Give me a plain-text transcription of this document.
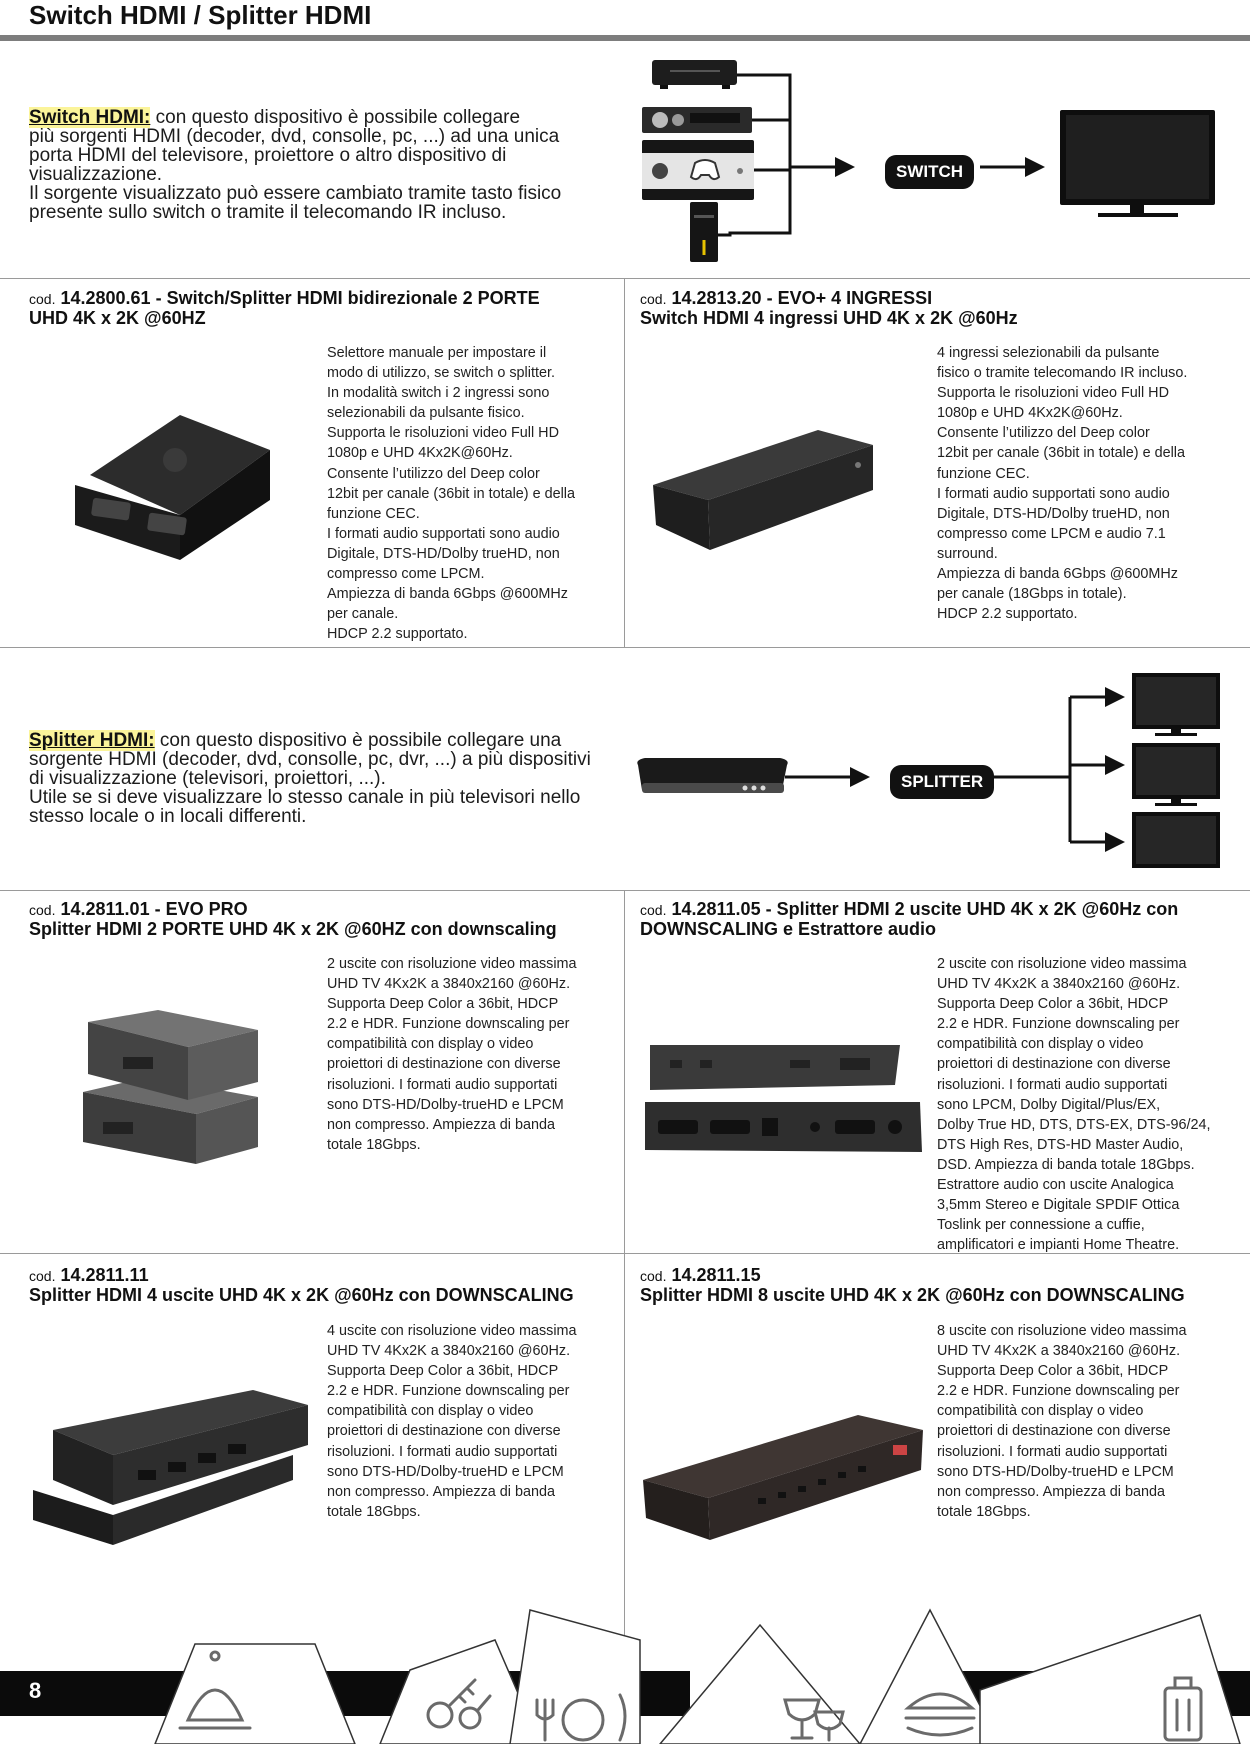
Switch HDMI / Splitter HDMI

Switch HDMI: con questo dispositivo è possibile collegare

più sorgenti HDMI (decoder, dvd, consolle, pc, ...) ad una unica

porta HDMI del televisore, proiettore o altro dispositivo di

visualizzazione.

Il sorgente visualizzato può essere cambiato tramite tasto fisico

presente sullo switch o tramite il telecomando IR incluso.

SWITCH
cod. 14.2800.61 - Switch/Splitter HDMI bidirezionale 2 PORTE
UHD 4K x 2K @60HZ
Selettore manuale per impostare il
modo di utilizzo, se switch o splitter.
In modalità switch i 2 ingressi sono
selezionabili da pulsante fisico.
Supporta le risoluzioni video Full HD
1080p e UHD 4Kx2K@60Hz.
Consente l’utilizzo del Deep color
12bit per canale (36bit in totale) e della
funzione CEC.
I formati audio supportati sono audio
Digitale, DTS-HD/Dolby trueHD, non
compresso come LPCM.
Ampiezza di banda 6Gbps @600MHz
per canale.
HDCP 2.2 supportato.
cod. 14.2813.20 - EVO+ 4 INGRESSI
Switch HDMI 4 ingressi UHD 4K x 2K @60Hz
4 ingressi selezionabili da pulsante
fisico o tramite telecomando IR incluso.
Supporta le risoluzioni video Full HD
1080p e UHD 4Kx2K@60Hz.
Consente l’utilizzo del Deep color
12bit per canale (36bit in totale) e della
funzione CEC.
I formati audio supportati sono audio
Digitale, DTS-HD/Dolby trueHD, non
compresso come LPCM e audio 7.1
surround.
Ampiezza di banda 6Gbps @600MHz
per canale (18Gbps in totale).
HDCP 2.2 supportato.

Splitter HDMI: con questo dispositivo è possibile collegare una

sorgente HDMI (decoder, dvd, consolle, pc, dvr, ...) a più dispositivi

di visualizzazione (televisori, proiettori, ...).

Utile se si deve visualizzare lo stesso canale in più televisori nello

stesso locale o in locali differenti.

SPLITTER
cod. 14.2811.01 - EVO PRO
Splitter HDMI 2 PORTE UHD 4K x 2K @60HZ con downscaling
2 uscite con risoluzione video massima
UHD TV 4Kx2K a 3840x2160 @60Hz.
Supporta Deep Color a 36bit, HDCP
2.2 e HDR. Funzione downscaling per
compatibilità con display o video
proiettori di destinazione con diverse
risoluzioni. I formati audio supportati
sono DTS-HD/Dolby-trueHD e LPCM
non compresso. Ampiezza di banda
totale 18Gbps.
cod. 14.2811.05 - Splitter HDMI 2 uscite UHD 4K x 2K @60Hz con
DOWNSCALING e Estrattore audio
2 uscite con risoluzione video massima
UHD TV 4Kx2K a 3840x2160 @60Hz.
Supporta Deep Color a 36bit, HDCP
2.2 e HDR. Funzione downscaling per
compatibilità con display o video
proiettori di destinazione con diverse
risoluzioni. I formati audio supportati
sono LPCM, Dolby Digital/Plus/EX,
Dolby True HD, DTS, DTS-EX, DTS-96/24,
DTS High Res, DTS-HD Master Audio,
DSD. Ampiezza di banda totale 18Gbps.
Estrattore audio con uscite Analogica
3,5mm Stereo e Digitale SPDIF Ottica
Toslink per connessione a cuffie,
amplificatori e impianti Home Theatre.
cod. 14.2811.11
Splitter HDMI 4 uscite UHD 4K x 2K @60Hz con DOWNSCALING
4 uscite con risoluzione video massima
UHD TV 4Kx2K a 3840x2160 @60Hz.
Supporta Deep Color a 36bit, HDCP
2.2 e HDR. Funzione downscaling per
compatibilità con display o video
proiettori di destinazione con diverse
risoluzioni. I formati audio supportati
sono DTS-HD/Dolby-trueHD e LPCM
non compresso. Ampiezza di banda
totale 18Gbps.
cod. 14.2811.15
Splitter HDMI 8 uscite UHD 4K x 2K @60Hz con DOWNSCALING
8 uscite con risoluzione video massima
UHD TV 4Kx2K a 3840x2160 @60Hz.
Supporta Deep Color a 36bit, HDCP
2.2 e HDR. Funzione downscaling per
compatibilità con display o video
proiettori di destinazione con diverse
risoluzioni. I formati audio supportati
sono DTS-HD/Dolby-trueHD e LPCM
non compresso. Ampiezza di banda
totale 18Gbps.
8
